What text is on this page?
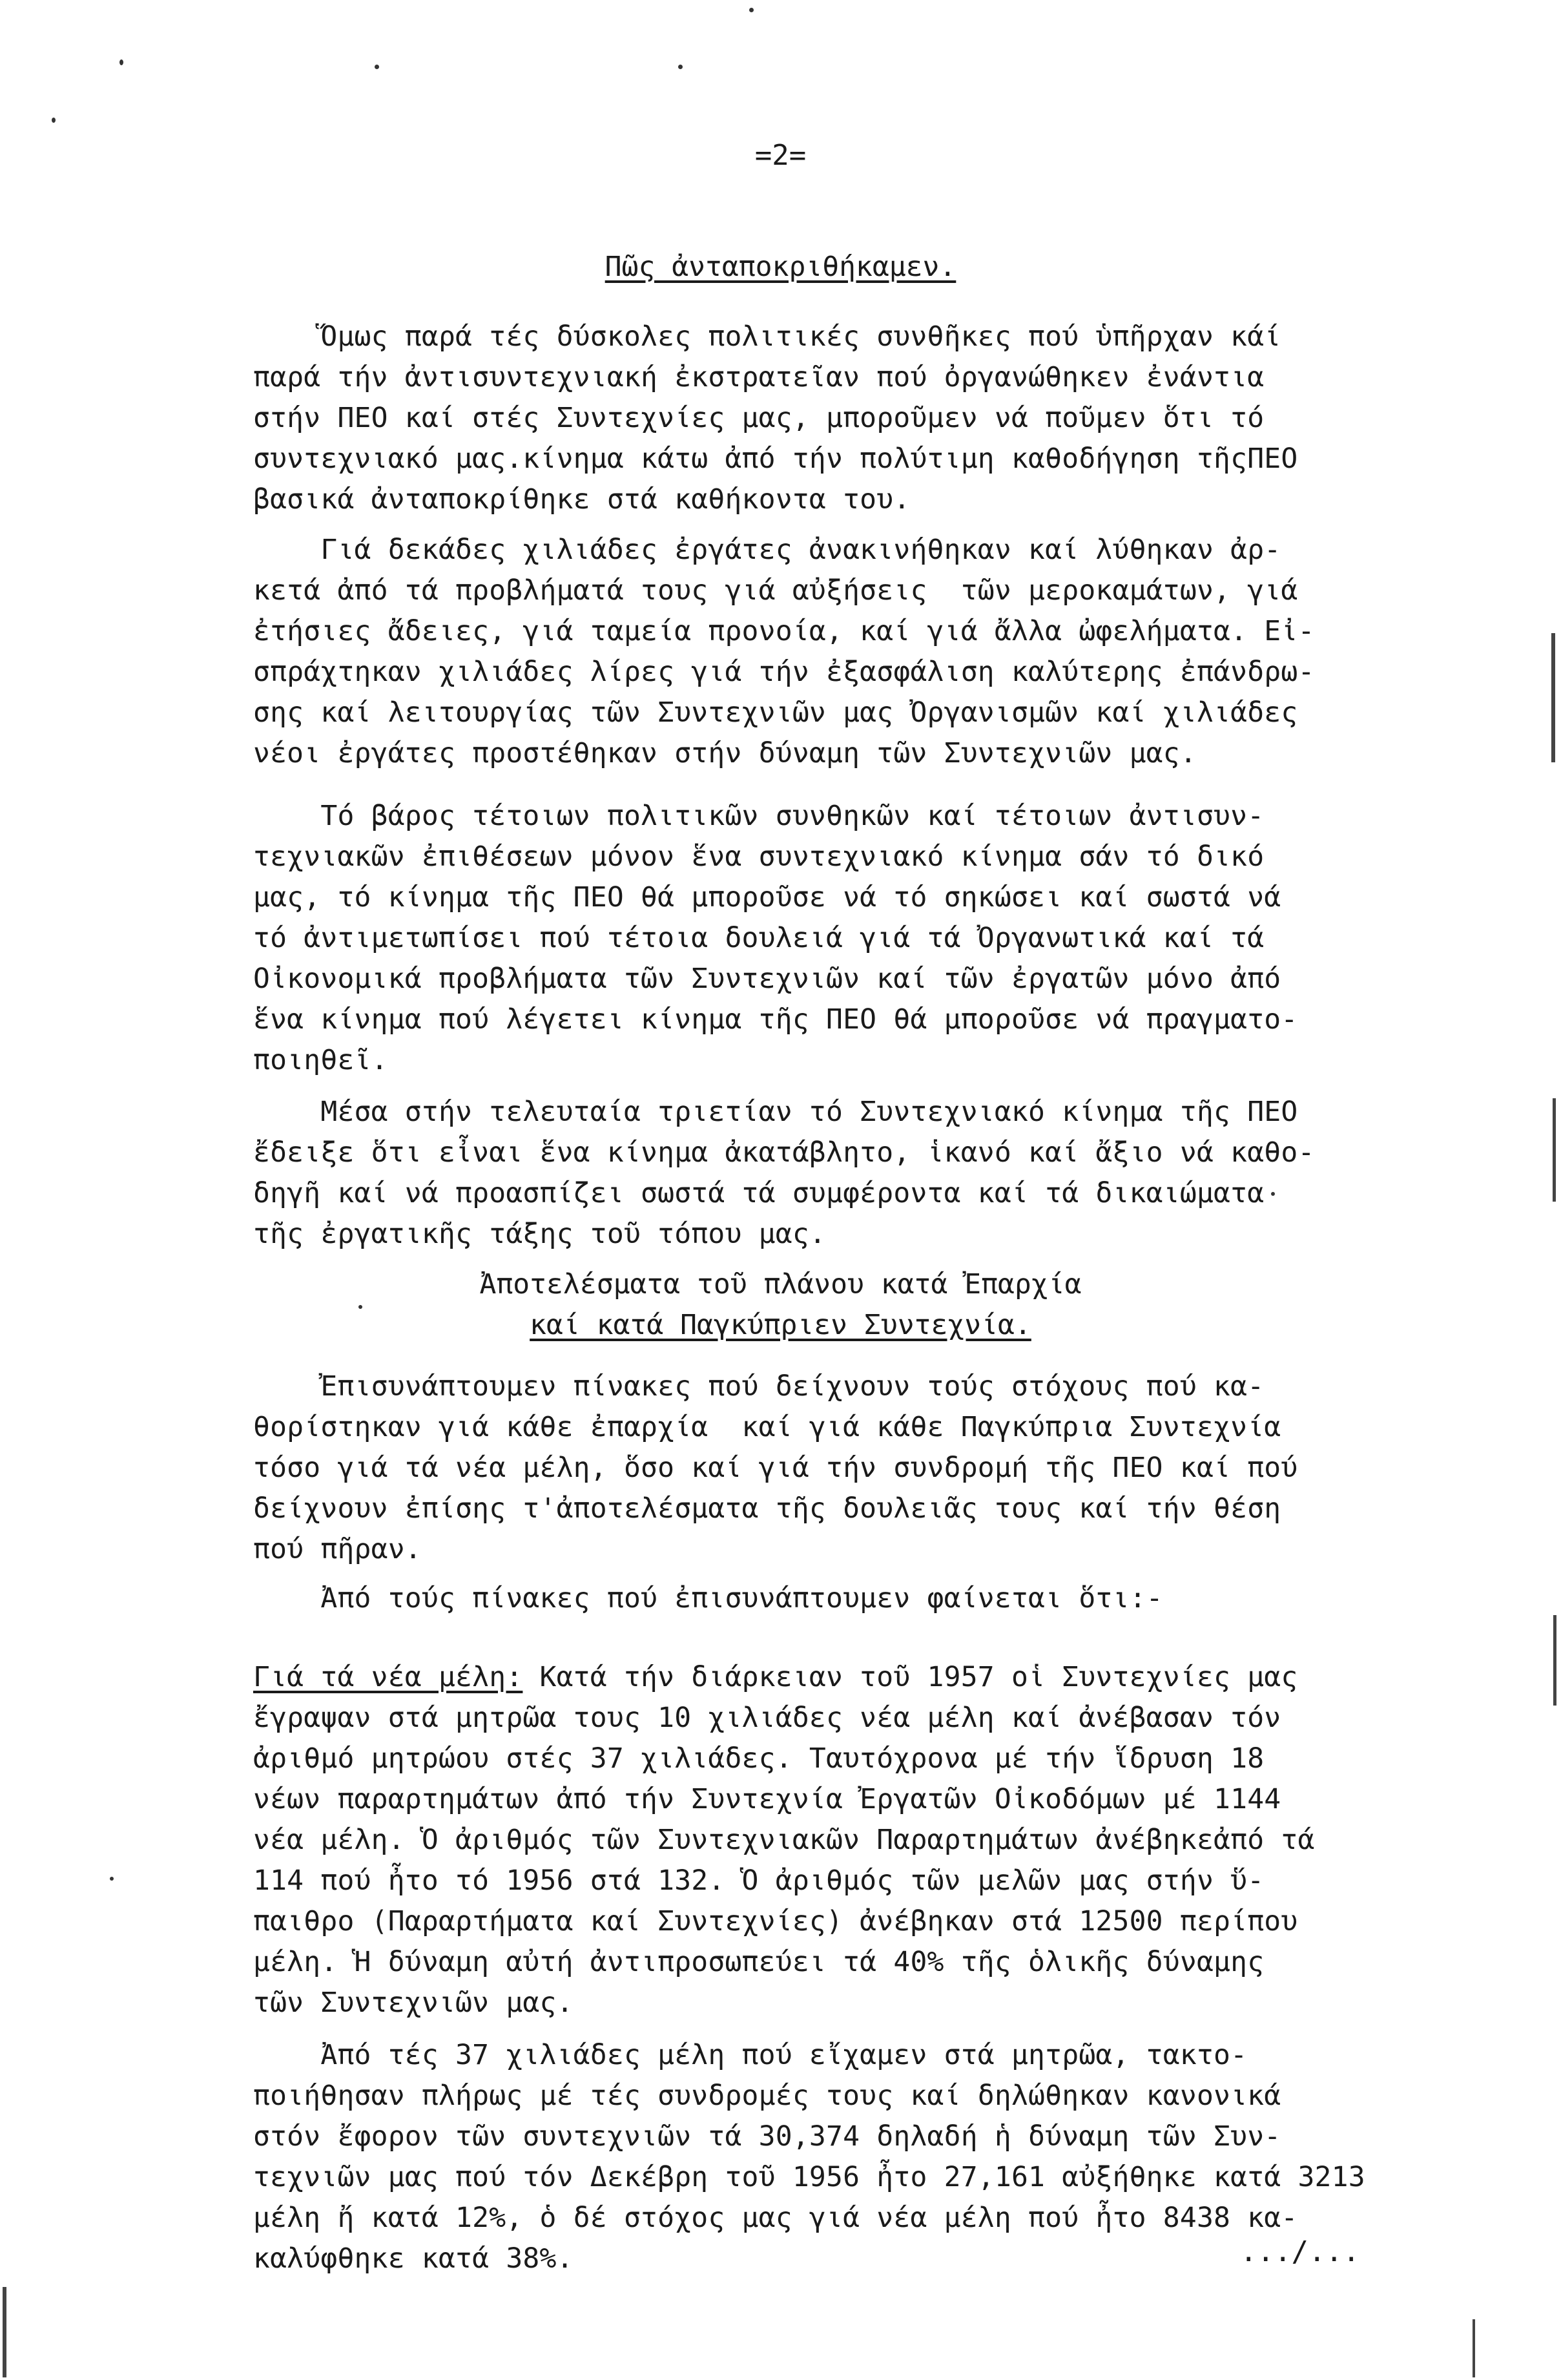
=2=
Πῶς ἀνταποκριθήκαμεν.
Ὅμως παρά τές δύσκολες πολιτικές συνθῆκες πού ὑπῆρχαν κάί
παρά τήν ἀντισυντεχνιακή ἐκστρατεῖαν πού ὀργανώθηκεν ἐνάντια
στήν ΠΕΟ καί στές Συντεχνίες μας, μποροῦμεν νά ποῦμεν ὅτι τό
συντεχνιακό μας.κίνημα κάτω ἀπό τήν πολύτιμη καθοδήγηση τῆςΠΕΟ
βασικά ἀνταποκρίθηκε στά καθήκοντα του.
Γιά δεκάδες χιλιάδες ἐργάτες ἀνακινήθηκαν καί λύθηκαν ἀρ-
κετά ἀπό τά προβλήματά τους γιά αὐξήσεις  τῶν μεροκαμάτων, γιά
ἐτήσιες ἄδειες, γιά ταμεία προνοία, καί γιά ἄλλα ὠφελήματα. Εἰ-
σπράχτηκαν χιλιάδες λίρες γιά τήν ἐξασφάλιση καλύτερης ἐπάνδρω-
σης καί λειτουργίας τῶν Συντεχνιῶν μας Ὀργανισμῶν καί χιλιάδες
νέοι ἐργάτες προστέθηκαν στήν δύναμη τῶν Συντεχνιῶν μας.
Τό βάρος τέτοιων πολιτικῶν συνθηκῶν καί τέτοιων ἀντισυν-
τεχνιακῶν ἐπιθέσεων μόνον ἕνα συντεχνιακό κίνημα σάν τό δικό
μας, τό κίνημα τῆς ΠΕΟ θά μποροῦσε νά τό σηκώσει καί σωστά νά
τό ἀντιμετωπίσει πού τέτοια δουλειά γιά τά Ὀργανωτικά καί τά
Οἰκονομικά προβλήματα τῶν Συντεχνιῶν καί τῶν ἐργατῶν μόνο ἀπό
ἕνα κίνημα πού λέγετει κίνημα τῆς ΠΕΟ θά μποροῦσε νά πραγματο-
ποιηθεῖ.
Μέσα στήν τελευταία τριετίαν τό Συντεχνιακό κίνημα τῆς ΠΕΟ
ἔδειξε ὅτι εἶναι ἕνα κίνημα ἀκατάβλητο, ἱκανό καί ἄξιο νά καθο-
δηγῆ καί νά προασπίζει σωστά τά συμφέροντα καί τά δικαιώματα
τῆς ἐργατικῆς τάξης τοῦ τόπου μας.
Ἀποτελέσματα τοῦ πλάνου κατά Ἐπαρχία
καί κατά Παγκύπριεν Συντεχνία.
Ἐπισυνάπτουμεν πίνακες πού δείχνουν τούς στόχους πού κα-
θορίστηκαν γιά κάθε ἐπαρχία  καί γιά κάθε Παγκύπρια Συντεχνία
τόσο γιά τά νέα μέλη, ὅσο καί γιά τήν συνδρομή τῆς ΠΕΟ καί πού
δείχνουν ἐπίσης τ'ἀποτελέσματα τῆς δουλειᾶς τους καί τήν θέση
πού πῆραν.
Ἀπό τούς πίνακες πού ἐπισυνάπτουμεν φαίνεται ὅτι:-
Γιά τά νέα μέλη: Κατά τήν διάρκειαν τοῦ 1957 οἱ Συντεχνίες μας
ἔγραψαν στά μητρῶα τους 10 χιλιάδες νέα μέλη καί ἀνέβασαν τόν
ἀριθμό μητρώου στές 37 χιλιάδες. Ταυτόχρονα μέ τήν ἵδρυση 18
νέων παραρτημάτων ἀπό τήν Συντεχνία Ἐργατῶν Οἰκοδόμων μέ 1144
νέα μέλη. Ὁ ἀριθμός τῶν Συντεχνιακῶν Παραρτημάτων ἀνέβηκεἀπό τά
114 πού ἦτο τό 1956 στά 132. Ὁ ἀριθμός τῶν μελῶν μας στήν ὕ-
παιθρο (Παραρτήματα καί Συντεχνίες) ἀνέβηκαν στά 12500 περίπου
μέλη. Ἡ δύναμη αὐτή ἀντιπροσωπεύει τά 40% τῆς ὁλικῆς δύναμης
τῶν Συντεχνιῶν μας.
Ἀπό τές 37 χιλιάδες μέλη πού εἴχαμεν στά μητρῶα, τακτο-
ποιήθησαν πλήρως μέ τές συνδρομές τους καί δηλώθηκαν κανονικά
στόν ἔφορον τῶν συντεχνιῶν τά 30,374 δηλαδή ἡ δύναμη τῶν Συν-
τεχνιῶν μας πού τόν Δεκέβρη τοῦ 1956 ἦτο 27,161 αὐξήθηκε κατά 3213
μέλη ἤ κατά 12%, ὁ δέ στόχος μας γιά νέα μέλη πού ἦτο 8438 κα-
καλύφθηκε κατά 38%.	.../...
